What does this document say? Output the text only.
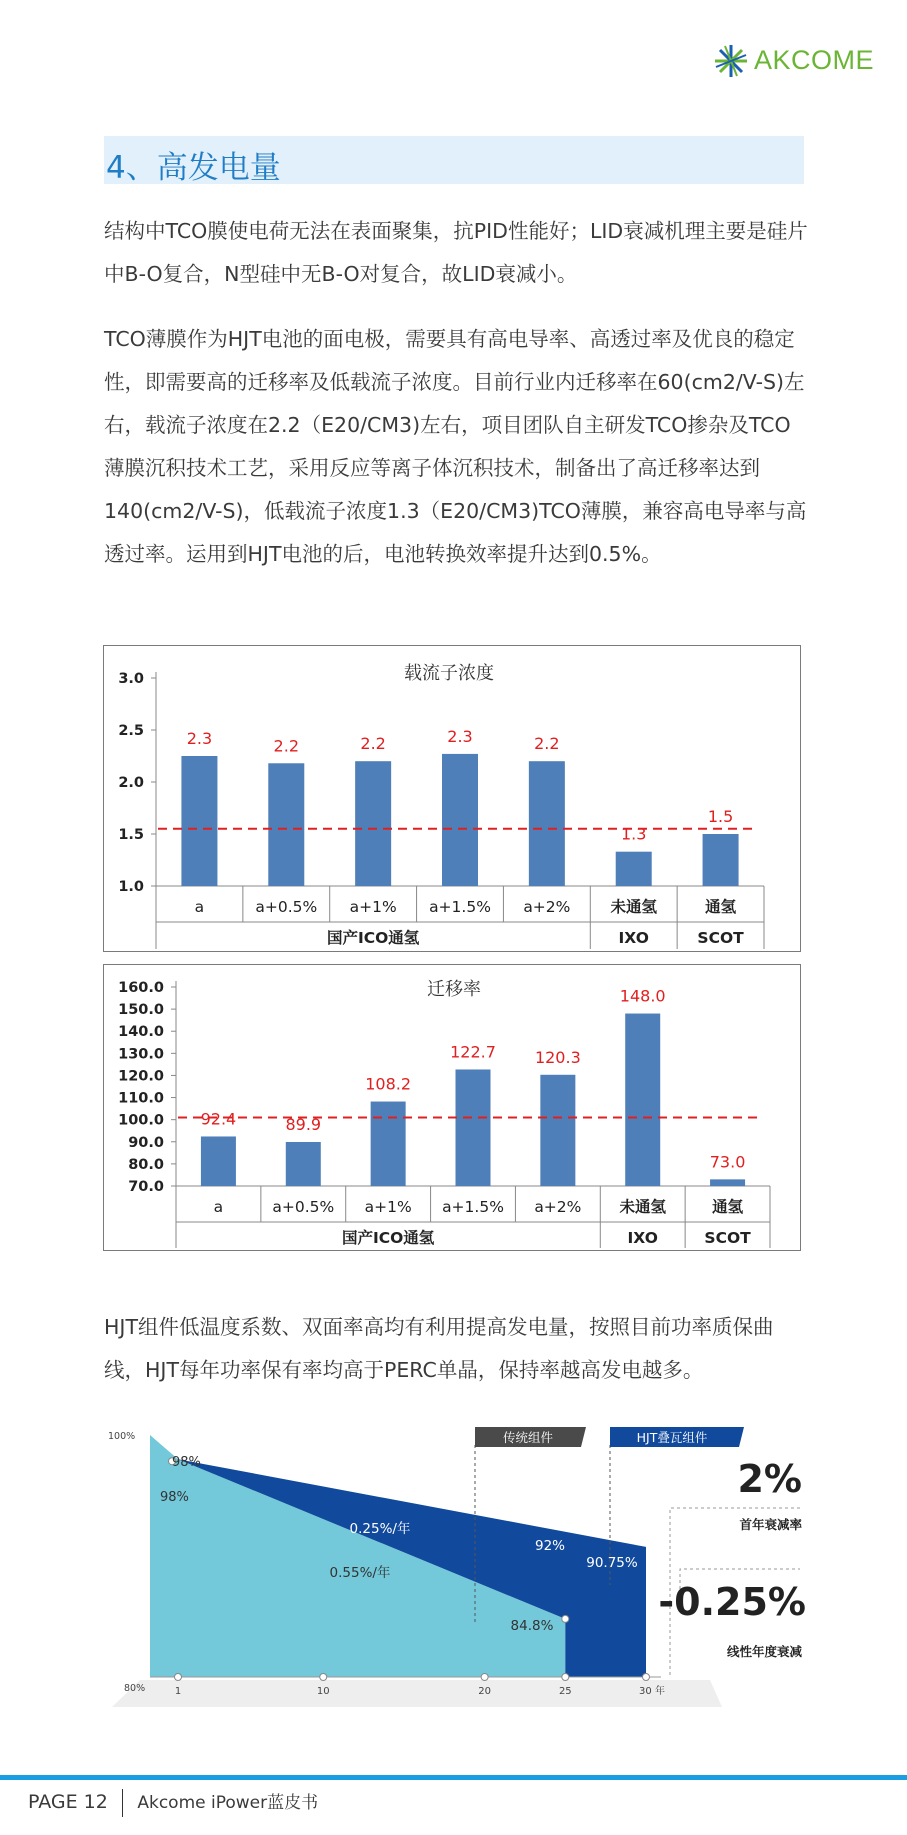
AKCOME
4、高发电量
结构中TCO膜使电荷无法在表面聚集，抗PID性能好；LID衰减机理主要是硅片中B-O复合，N型硅中无B-O对复合，故LID衰减小。
TCO薄膜作为HJT电池的面电极，需要具有高电导率、高透过率及优良的稳定性，即需要高的迁移率及低载流子浓度。目前行业内迁移率在60(cm2/V-S)左右，载流子浓度在2.2（E20/CM3)左右，项目团队自主研发TCO掺杂及TCO薄膜沉积技术工艺，采用反应等离子体沉积技术，制备出了高迁移率达到140(cm2/V-S)，低载流子浓度1.3（E20/CM3)TCO薄膜，兼容高电导率与高透过率。运用到HJT电池的后，电池转换效率提升达到0.5%。
载流子浓度
1.0
1.5
2.0
2.5
3.0
2.3
a
2.2
a+0.5%
2.2
a+1%
2.3
a+1.5%
2.2
a+2%
1.3
未通氢
1.5
通氢
国产ICO通氢	IXO	SCOT
迁移率
70.0
80.0
90.0
100.0
110.0
120.0
130.0
140.0
150.0
160.0
92.4
a
89.9
a+0.5%
108.2
a+1%
122.7
a+1.5%
120.3
a+2%
148.0
未通氢
73.0
通氢
国产ICO通氢	IXO	SCOT
HJT组件低温度系数、双面率高均有利用提高发电量，按照目前功率质保曲线，HJT每年功率保有率均高于PERC单晶，保持率越高发电越多。
100%
80%	1	10	20	25	30 年
传统组件	HJT叠瓦组件
0.25%/年
0.55%/年
98%
98%
92%
90.75%
84.8%
2%
首年衰减率
-0.25%
线性年度衰减
PAGE 12 Akcome iPower蓝皮书
